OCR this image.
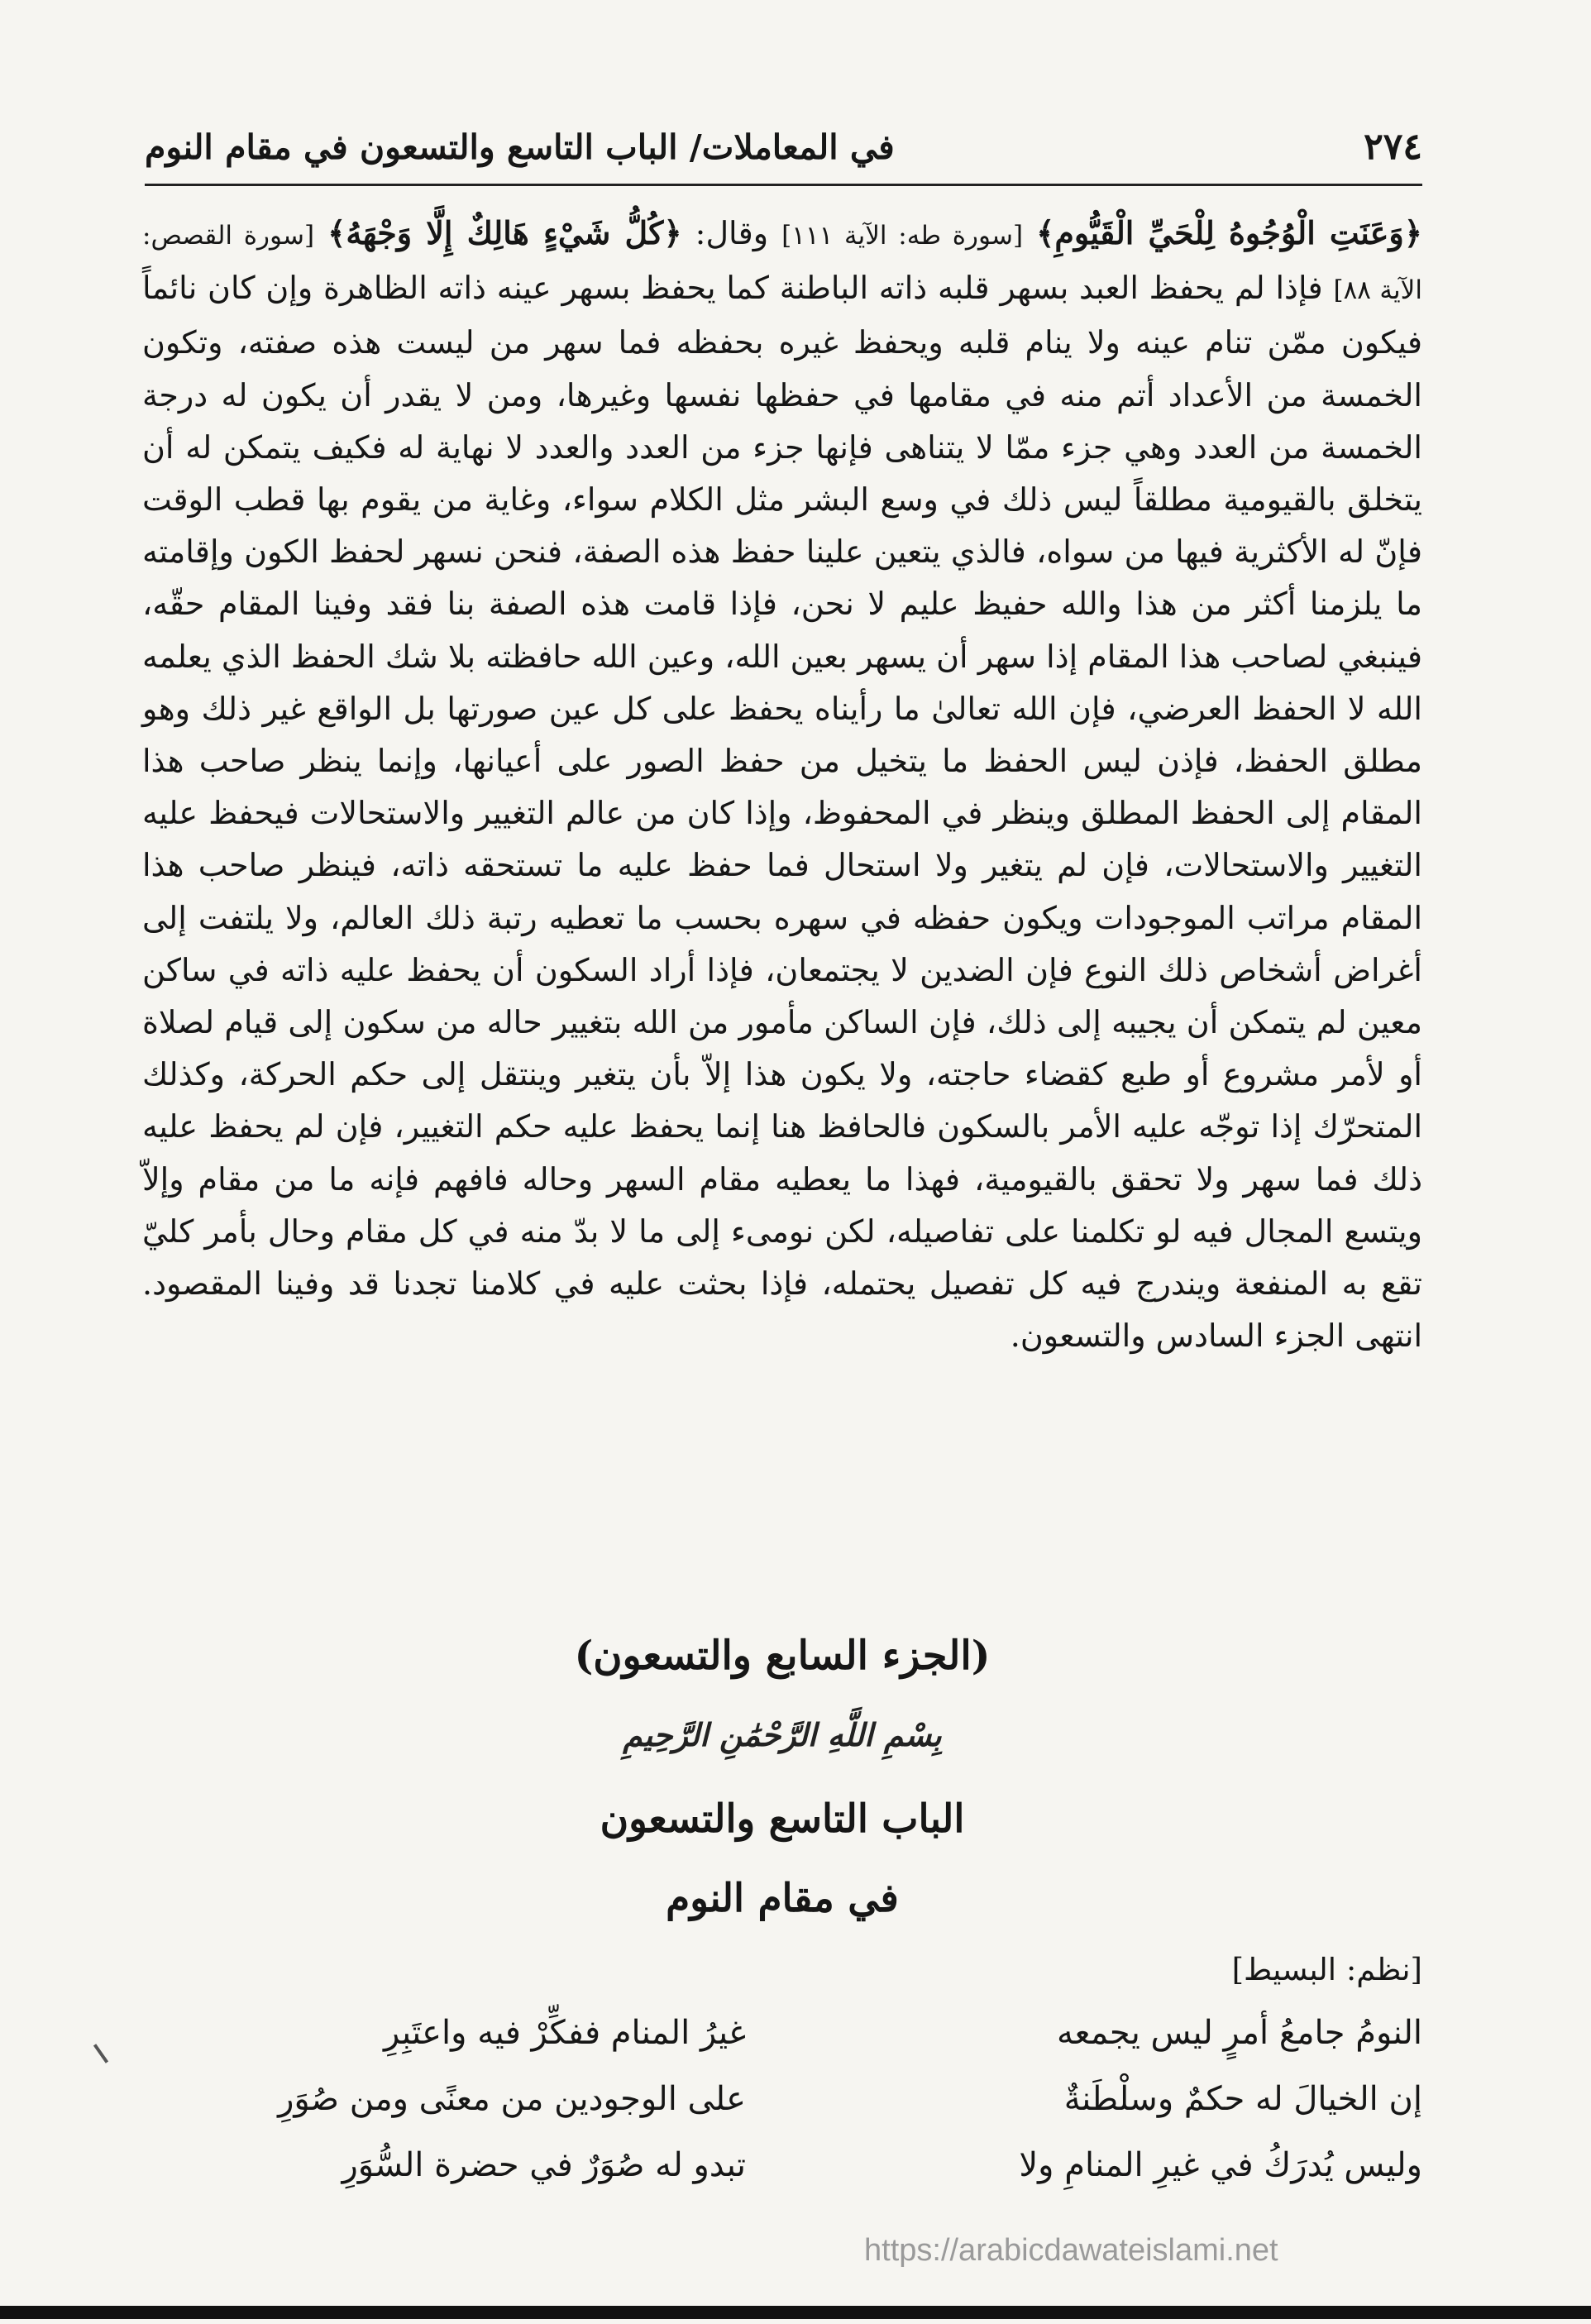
٢٧٤
في المعاملات/ الباب التاسع والتسعون في مقام النوم

﴿وَعَنَتِ الْوُجُوهُ لِلْحَيِّ الْقَيُّومِ﴾ [سورة طه: الآية ١١١] وقال: ﴿كُلُّ شَيْءٍ هَالِكٌ إِلَّا وَجْهَهُ﴾ [سورة القصص: الآية ٨٨] فإذا لم يحفظ العبد بسهر قلبه ذاته الباطنة كما يحفظ بسهر عينه ذاته الظاهرة وإن كان نائماً فيكون ممّن تنام عينه ولا ينام قلبه ويحفظ غيره بحفظه فما سهر من ليست هذه صفته، وتكون الخمسة من الأعداد أتم منه في مقامها في حفظها نفسها وغيرها، ومن لا يقدر أن يكون له درجة الخمسة من العدد وهي جزء ممّا لا يتناهى فإنها جزء من العدد والعدد لا نهاية له فكيف يتمكن له أن يتخلق بالقيومية مطلقاً ليس ذلك في وسع البشر مثل الكلام سواء، وغاية من يقوم بها قطب الوقت فإنّ له الأكثرية فيها من سواه، فالذي يتعين علينا حفظ هذه الصفة، فنحن نسهر لحفظ الكون وإقامته ما يلزمنا أكثر من هذا والله حفيظ عليم لا نحن، فإذا قامت هذه الصفة بنا فقد وفينا المقام حقّه، فينبغي لصاحب هذا المقام إذا سهر أن يسهر بعين الله، وعين الله حافظته بلا شك الحفظ الذي يعلمه الله لا الحفظ العرضي، فإن الله تعالىٰ ما رأيناه يحفظ على كل عين صورتها بل الواقع غير ذلك وهو مطلق الحفظ، فإذن ليس الحفظ ما يتخيل من حفظ الصور على أعيانها، وإنما ينظر صاحب هذا المقام إلى الحفظ المطلق وينظر في المحفوظ، وإذا كان من عالم التغيير والاستحالات فيحفظ عليه التغيير والاستحالات، فإن لم يتغير ولا استحال فما حفظ عليه ما تستحقه ذاته، فينظر صاحب هذا المقام مراتب الموجودات ويكون حفظه في سهره بحسب ما تعطيه رتبة ذلك العالم، ولا يلتفت إلى أغراض أشخاص ذلك النوع فإن الضدين لا يجتمعان، فإذا أراد السكون أن يحفظ عليه ذاته في ساكن معين لم يتمكن أن يجيبه إلى ذلك، فإن الساكن مأمور من الله بتغيير حاله من سكون إلى قيام لصلاة أو لأمر مشروع أو طبع كقضاء حاجته، ولا يكون هذا إلاّ بأن يتغير وينتقل إلى حكم الحركة، وكذلك المتحرّك إذا توجّه عليه الأمر بالسكون فالحافظ هنا إنما يحفظ عليه حكم التغيير، فإن لم يحفظ عليه ذلك فما سهر ولا تحقق بالقيومية، فهذا ما يعطيه مقام السهر وحاله فافهم فإنه ما من مقام وإلاّ ويتسع المجال فيه لو تكلمنا على تفاصيله، لكن نومىء إلى ما لا بدّ منه في كل مقام وحال بأمر كليّ تقع به المنفعة ويندرج فيه كل تفصيل يحتمله، فإذا بحثت عليه في كلامنا تجدنا قد وفينا المقصود. انتهى الجزء السادس والتسعون.

(الجزء السابع والتسعون)
بِسْمِ اللَّهِ الرَّحْمَٰنِ الرَّحِيمِ
الباب التاسع والتسعون
في مقام النوم
[نظم: البسيط]
النومُ جامعُ أمرٍ ليس يجمعه
غيرُ المنام ففكِّرْ فيه واعتَبِرِ
إن الخيالَ له حكمٌ وسلْطَنةٌ
على الوجودين من معنًى ومن صُوَرِ
وليس يُدرَكُ في غيرِ المنامِ ولا
تبدو له صُوَرٌ في حضرة السُّوَرِ
https://arabicdawateislami.net
